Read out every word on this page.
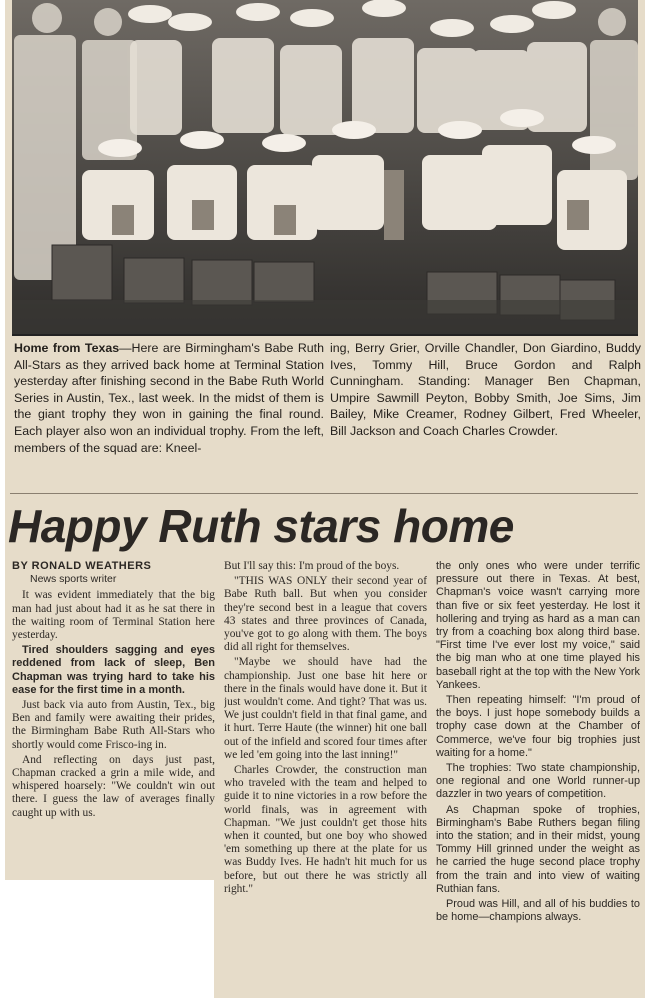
Home from Texas—Here are Birmingham's Babe Ruth All-Stars as they arrived back home at Terminal Station yesterday after finishing second in the Babe Ruth World Series in Austin, Tex., last week. In the midst of them is the giant trophy they won in gaining the final round. Each player also won an individual trophy. From the left, members of the squad are: Kneel-

ing, Berry Grier, Orville Chandler, Don Giardino, Buddy Ives, Tommy Hill, Bruce Gordon and Ralph Cunningham. Standing: Manager Ben Chapman, Umpire Sawmill Peyton, Bobby Smith, Joe Sims, Jim Bailey, Mike Creamer, Rodney Gilbert, Fred Wheeler, Bill Jackson and Coach Charles Crowder.

Happy Ruth stars home
BY RONALD WEATHERS
News sports writer

It was evident immediately that the big man had just about had it as he sat there in the waiting room of Terminal Station here yesterday.

Tired shoulders sagging and eyes reddened from lack of sleep, Ben Chapman was trying hard to take his ease for the first time in a month.

Just back via auto from Austin, Tex., big Ben and family were awaiting their prides, the Birmingham Babe Ruth All-Stars who shortly would come Frisco-ing in.

And reflecting on days just past, Chapman cracked a grin a mile wide, and whispered hoarsely: "We couldn't win out there. I guess the law of averages finally caught up with us.

But I'll say this: I'm proud of the boys.

"THIS WAS ONLY their second year of Babe Ruth ball. But when you consider they're second best in a league that covers 43 states and three provinces of Canada, you've got to go along with them. The boys did all right for themselves.

"Maybe we should have had the championship. Just one base hit here or there in the finals would have done it. But it just wouldn't come. And tight? That was us. We just couldn't field in that final game, and it hurt. Terre Haute (the winner) hit one ball out of the infield and scored four times after we led 'em going into the last inning!"

Charles Crowder, the construction man who traveled with the team and helped to guide it to nine victories in a row before the world finals, was in agreement with Chapman. "We just couldn't get those hits when it counted, but one boy who showed 'em something up there at the plate for us was Buddy Ives. He hadn't hit much for us before, but out there he was strictly all right."

the only ones who were under terrific pressure out there in Texas. At best, Chapman's voice wasn't carrying more than five or six feet yesterday. He lost it hollering and trying as hard as a man can try from a coaching box along third base. "First time I've ever lost my voice," said the big man who at one time played his baseball right at the top with the New York Yankees.

Then repeating himself: "I'm proud of the boys. I just hope somebody builds a trophy case down at the Chamber of Commerce, we've four big trophies just waiting for a home."

The trophies: Two state championship, one regional and one World runner-up dazzler in two years of competition.

As Chapman spoke of trophies, Birmingham's Babe Ruthers began filing into the station; and in their midst, young Tommy Hill grinned under the weight as he carried the huge second place trophy from the train and into view of waiting Ruthian fans.

Proud was Hill, and all of his buddies to be home—champions always.
